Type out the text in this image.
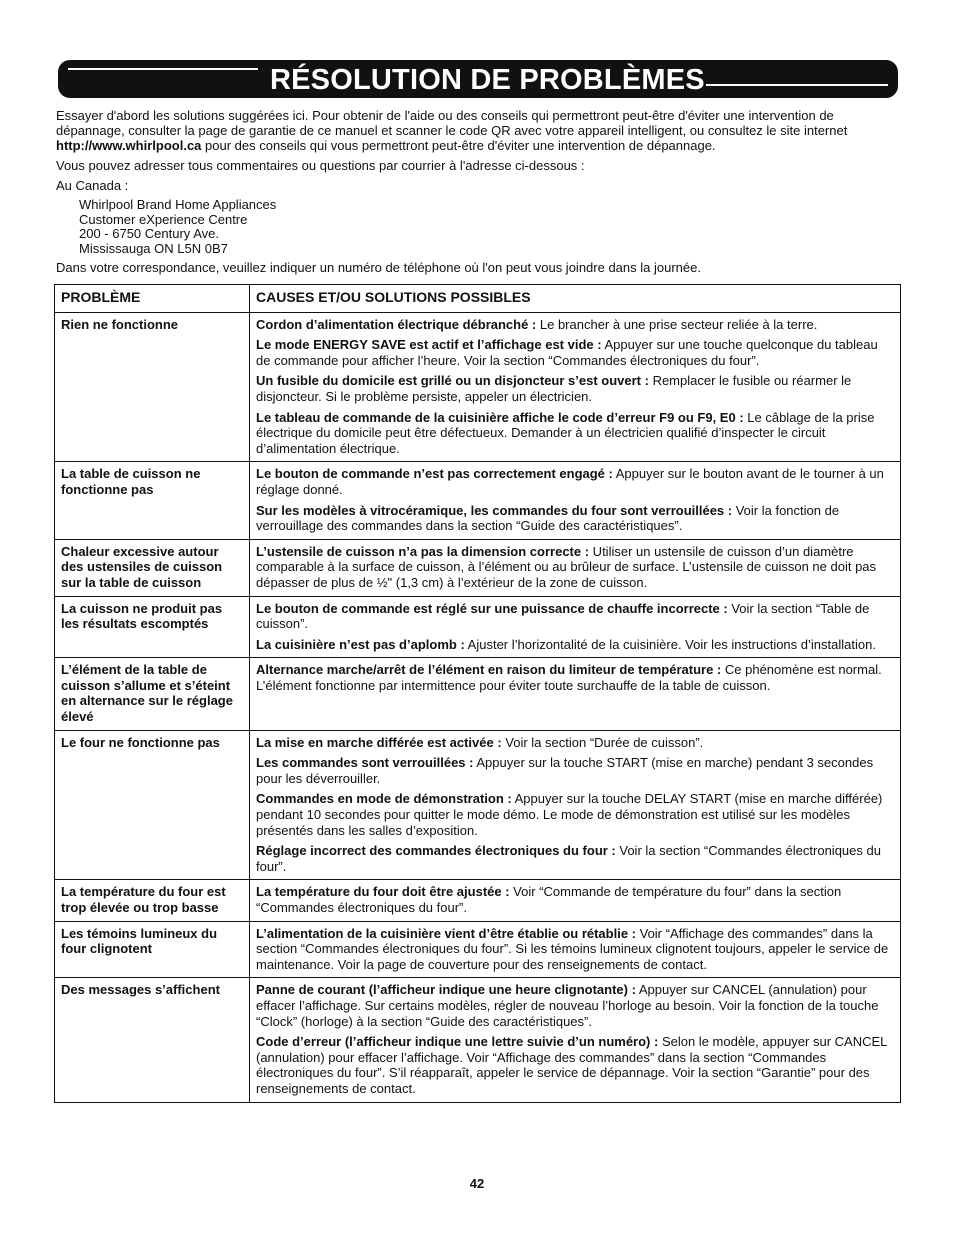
RÉSOLUTION DE PROBLÈMES

Essayer d'abord les solutions suggérées ici. Pour obtenir de l'aide ou des conseils qui permettront peut-être d'éviter une intervention de dépannage, consulter la page de garantie de ce manuel et scanner le code QR avec votre appareil intelligent, ou consultez le site internet http://www.whirlpool.ca pour des conseils qui vous permettront peut-être d'éviter une intervention de dépannage.

Vous pouvez adresser tous commentaires ou questions par courrier à l'adresse ci-dessous :

Au Canada :

Whirlpool Brand Home Appliances
Customer eXperience Centre
200 - 6750 Century Ave.
Mississauga ON L5N 0B7

Dans votre correspondance, veuillez indiquer un numéro de téléphone où l'on peut vous joindre dans la journée.

PROBLÈME	CAUSES ET/OU SOLUTIONS POSSIBLES
Rien ne fonctionne	Cordon d’alimentation électrique débranché : Le brancher à une prise secteur reliée à la terre.

Le mode ENERGY SAVE est actif et l’affichage est vide : Appuyer sur une touche quelconque du tableau de commande pour afficher l’heure. Voir la section “Commandes électroniques du four”.

Un fusible du domicile est grillé ou un disjoncteur s’est ouvert : Remplacer le fusible ou réarmer le disjoncteur. Si le problème persiste, appeler un électricien.

Le tableau de commande de la cuisinière affiche le code d’erreur F9 ou F9, E0 : Le câblage de la prise électrique du domicile peut être défectueux. Demander à un électricien qualifié d’inspecter le circuit d’alimentation électrique.

La table de cuisson ne fonctionne pas	Le bouton de commande n’est pas correctement engagé : Appuyer sur le bouton avant de le tourner à un réglage donné.

Sur les modèles à vitrocéramique, les commandes du four sont verrouillées : Voir la fonction de verrouillage des commandes dans la section “Guide des caractéristiques”.

Chaleur excessive autour des ustensiles de cuisson sur la table de cuisson	L’ustensile de cuisson n’a pas la dimension correcte : Utiliser un ustensile de cuisson d’un diamètre comparable à la surface de cuisson, à l’élément ou au brûleur de surface. L’ustensile de cuisson ne doit pas dépasser de plus de ½" (1,3 cm) à l’extérieur de la zone de cuisson.

La cuisson ne produit pas les résultats escomptés	Le bouton de commande est réglé sur une puissance de chauffe incorrecte : Voir la section “Table de cuisson”.

La cuisinière n’est pas d’aplomb : Ajuster l’horizontalité de la cuisinière. Voir les instructions d’installation.

L’élément de la table de cuisson s’allume et s’éteint en alternance sur le réglage élevé	Alternance marche/arrêt de l’élément en raison du limiteur de température : Ce phénomène est normal. L’élément fonctionne par intermittence pour éviter toute surchauffe de la table de cuisson.

Le four ne fonctionne pas	La mise en marche différée est activée : Voir la section “Durée de cuisson”.

Les commandes sont verrouillées : Appuyer sur la touche START (mise en marche) pendant 3 secondes pour les déverrouiller.

Commandes en mode de démonstration : Appuyer sur la touche DELAY START (mise en marche différée) pendant 10 secondes pour quitter le mode démo. Le mode de démonstration est utilisé sur les modèles présentés dans les salles d’exposition.

Réglage incorrect des commandes électroniques du four : Voir la section “Commandes électroniques du four”.

La température du four est trop élevée ou trop basse	La température du four doit être ajustée : Voir “Commande de température du four” dans la section “Commandes électroniques du four”.

Les témoins lumineux du four clignotent	L’alimentation de la cuisinière vient d’être établie ou rétablie : Voir “Affichage des commandes” dans la section “Commandes électroniques du four”. Si les témoins lumineux clignotent toujours, appeler le service de maintenance. Voir la page de couverture pour des renseignements de contact.

Des messages s’affichent	Panne de courant (l’afficheur indique une heure clignotante) : Appuyer sur CANCEL (annulation) pour effacer l’affichage. Sur certains modèles, régler de nouveau l’horloge au besoin. Voir la fonction de la touche “Clock” (horloge) à la section “Guide des caractéristiques”.

Code d’erreur (l’afficheur indique une lettre suivie d’un numéro) : Selon le modèle, appuyer sur CANCEL (annulation) pour effacer l’affichage. Voir “Affichage des commandes” dans la section “Commandes électroniques du four”. S’il réapparaît, appeler le service de dépannage. Voir la section “Garantie” pour des renseignements de contact.

42
